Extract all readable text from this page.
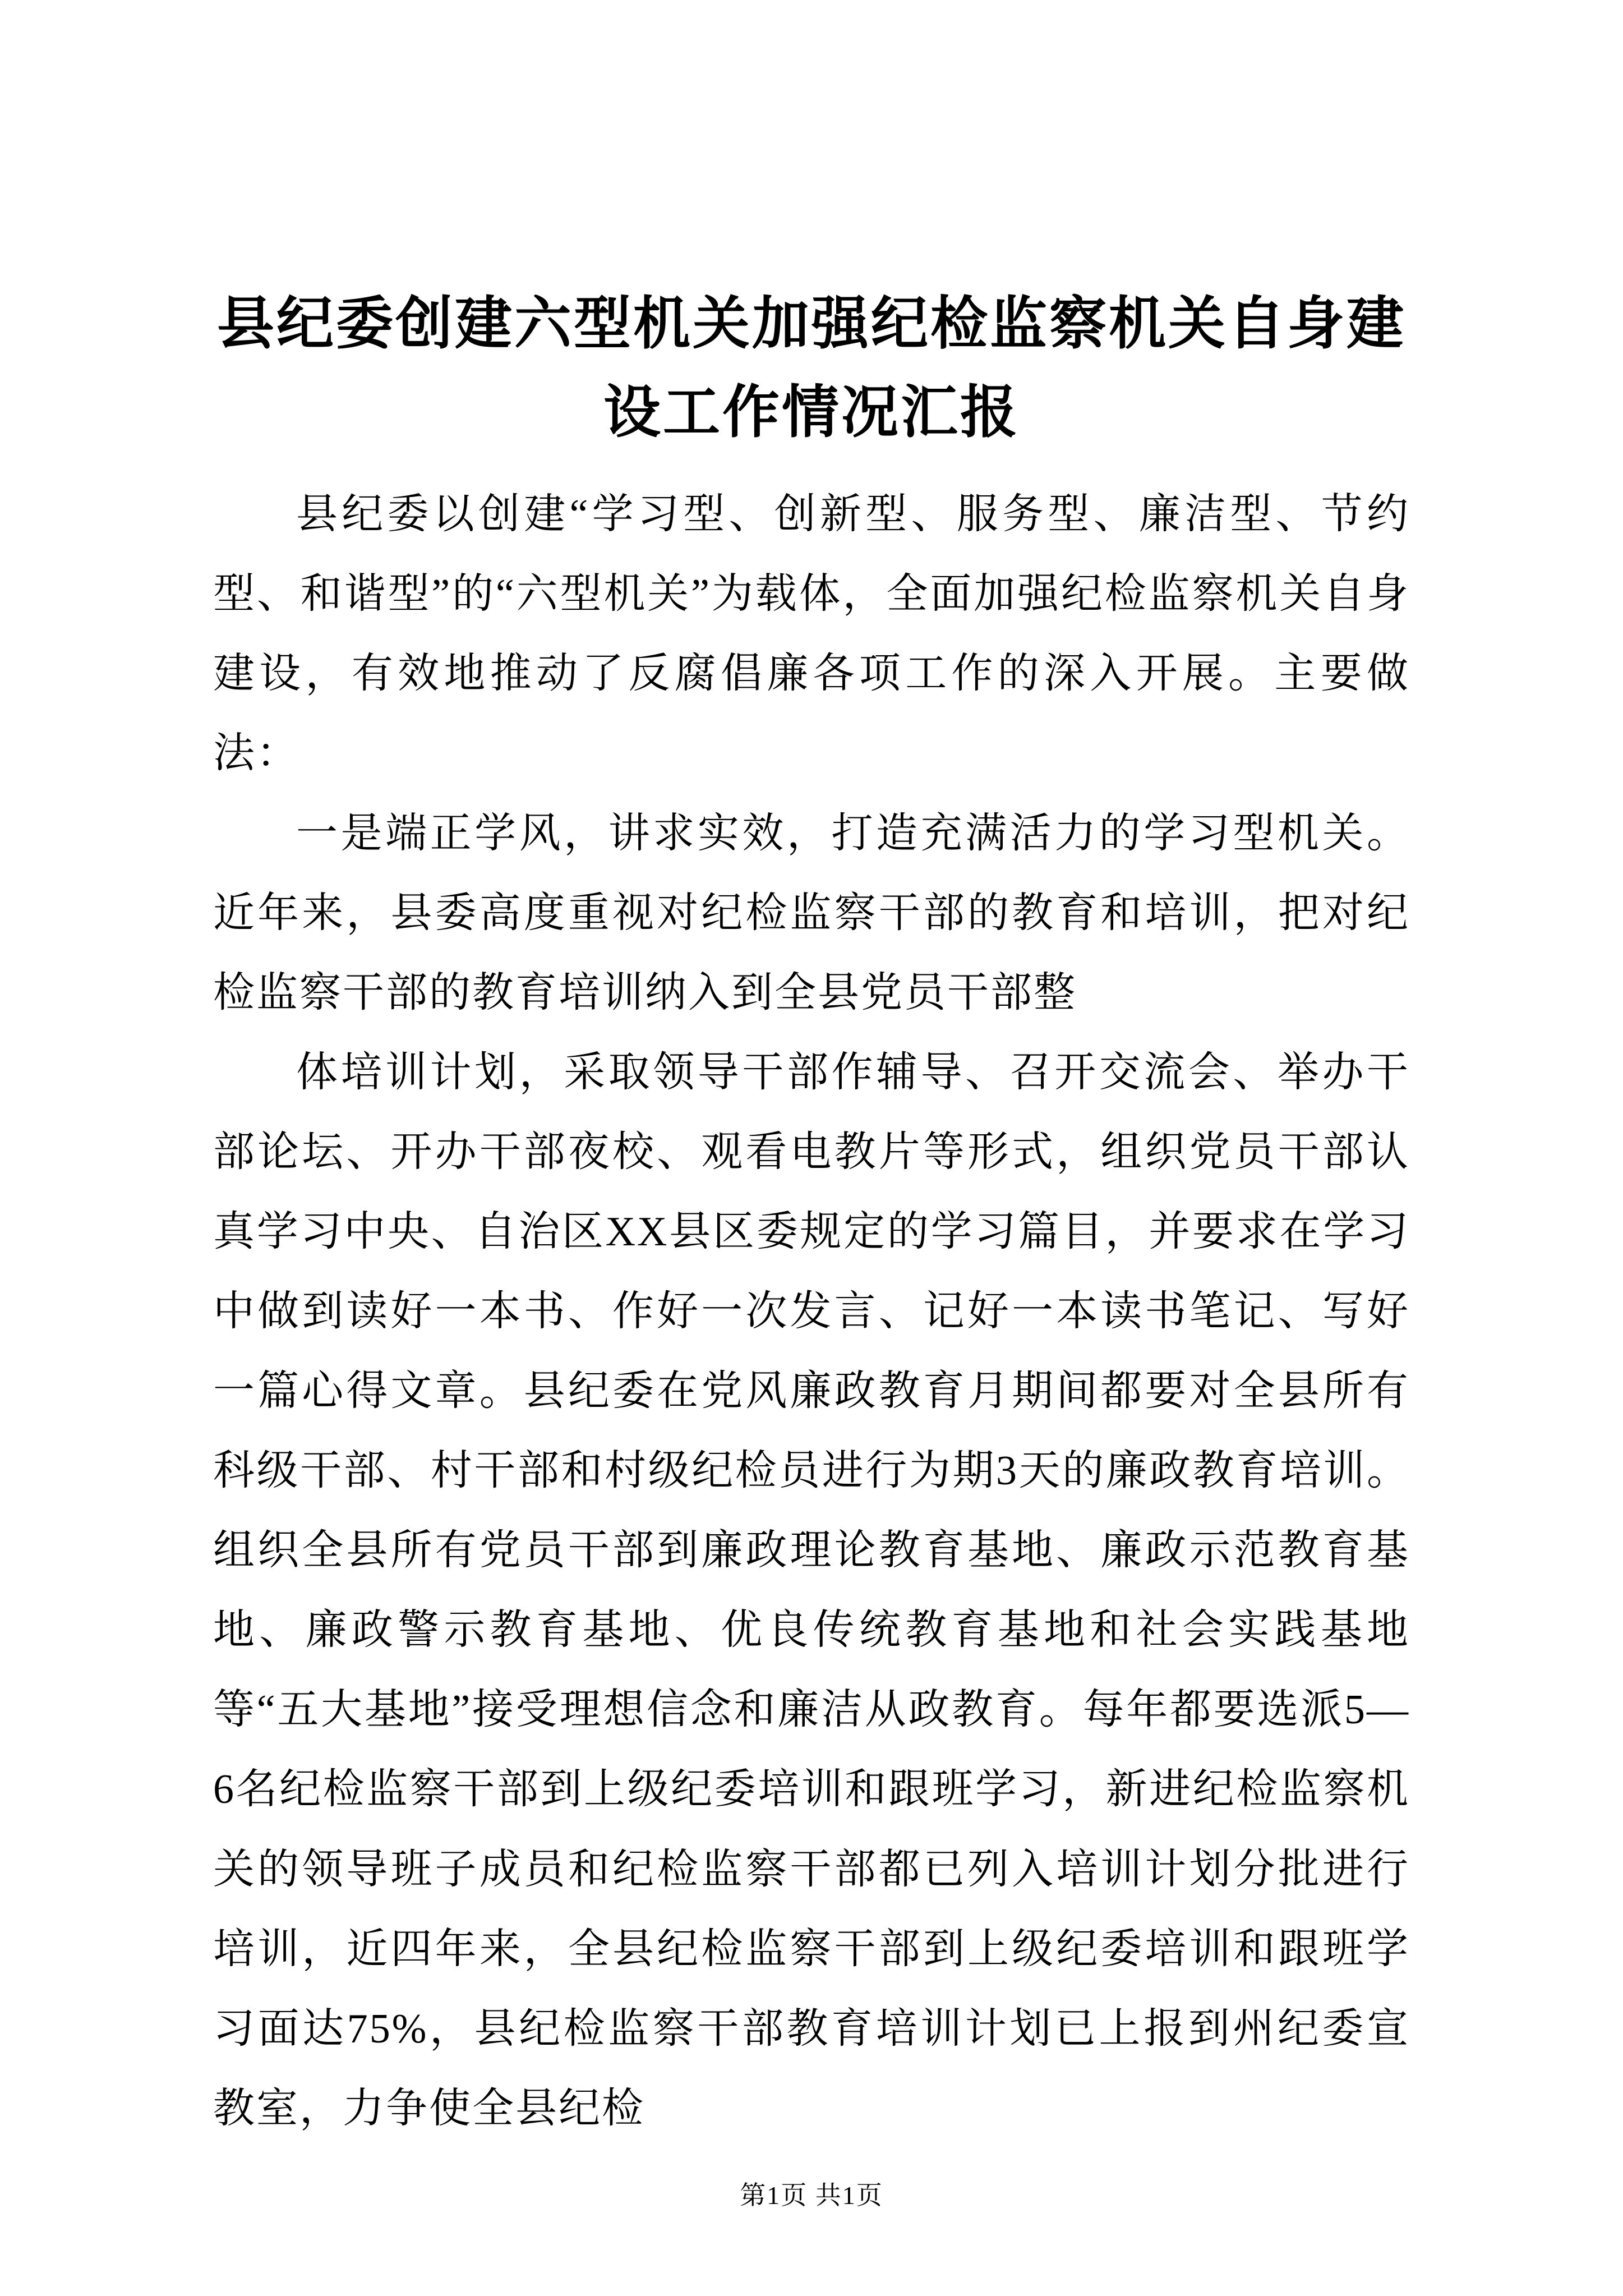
县纪委创建六型机关加强纪检监察机关自身建设工作情况汇报

县纪委以创建“学习型、创新型、服务型、廉洁型、节约型、和谐型”的“六型机关”为载体，全面加强纪检监察机关自身建设，有效地推动了反腐倡廉各项工作的深入开展。主要做法：

一是端正学风，讲求实效，打造充满活力的学习型机关。近年来，县委高度重视对纪检监察干部的教育和培训，把对纪检监察干部的教育培训纳入到全县党员干部整

体培训计划，采取领导干部作辅导、召开交流会、举办干部论坛、开办干部夜校、观看电教片等形式，组织党员干部认真学习中央、自治区XX县区委规定的学习篇目，并要求在学习中做到读好一本书、作好一次发言、记好一本读书笔记、写好一篇心得文章。县纪委在党风廉政教育月期间都要对全县所有科级干部、村干部和村级纪检员进行为期3天的廉政教育培训。组织全县所有党员干部到廉政理论教育基地、廉政示范教育基地、廉政警示教育基地、优良传统教育基地和社会实践基地等“五大基地”接受理想信念和廉洁从政教育。每年都要选派5—6名纪检监察干部到上级纪委培训和跟班学习，新进纪检监察机关的领导班子成员和纪检监察干部都已列入培训计划分批进行培训，近四年来，全县纪检监察干部到上级纪委培训和跟班学习面达75%，县纪检监察干部教育培训计划已上报到州纪委宣教室，力争使全县纪检

第1页 共1页
